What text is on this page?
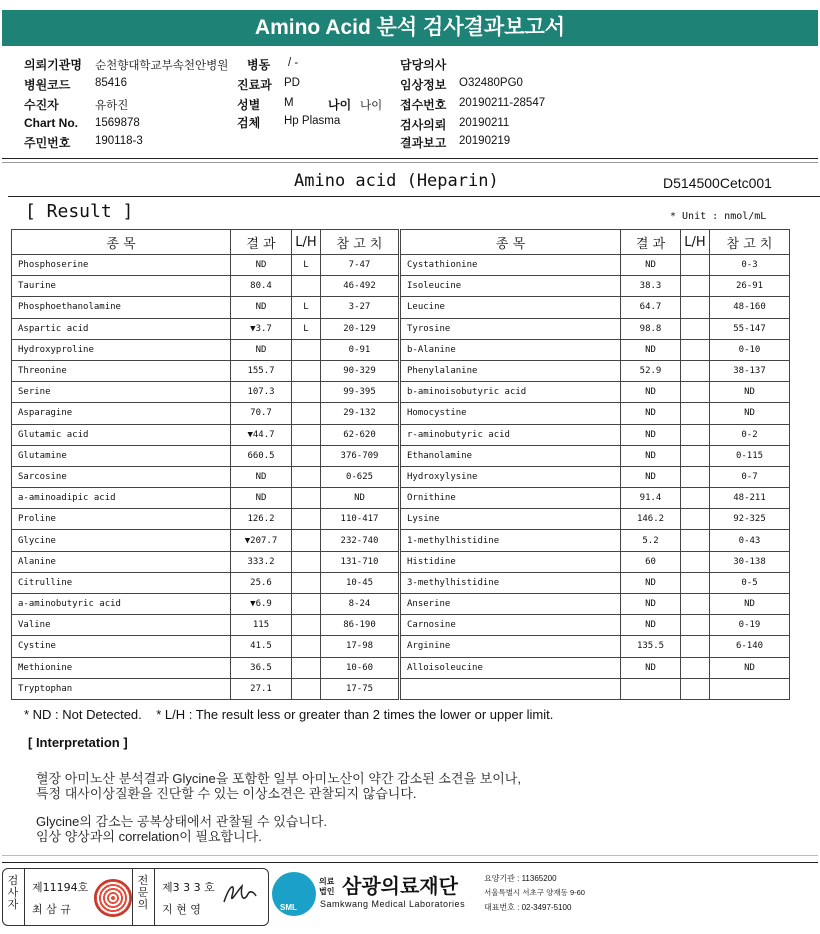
Amino Acid 분석 검사결과보고서
의뢰기관명 순천향대학교부속천안병원 병동 / -	담당의사
병원코드 85416	진료과 PD	임상정보 O32480PG0
수진자	유하진	성별 M	나이 나이 접수번호 20190211-28547
Chart No. 1569878	검체 Hp Plasma	검사의뢰 20190211
주민번호 190118-3	결과보고 20190219
Amino acid (Heparin)	D514500Cetc001
[ Result ]	* Unit : nmol/mL
종 목	결 과	L/H	참 고 치
Phosphoserine	ND	L	7-47
Taurine	80.4		46-492
Phosphoethanolamine	ND	L	3-27
Aspartic acid	▼3.7	L	20-129
Hydroxyproline	ND		0-91
Threonine	155.7		90-329
Serine	107.3		99-395
Asparagine	70.7		29-132
Glutamic acid	▼44.7		62-620
Glutamine	660.5		376-709
Sarcosine	ND		0-625
a-aminoadipic acid	ND		ND
Proline	126.2		110-417
Glycine	▼207.7		232-740
Alanine	333.2		131-710
Citrulline	25.6		10-45
a-aminobutyric acid	▼6.9		8-24
Valine	115		86-190
Cystine	41.5		17-98
Methionine	36.5		10-60
Tryptophan	27.1		17-75
종 목	결 과	L/H	참 고 치
Cystathionine	ND		0-3
Isoleucine	38.3		26-91
Leucine	64.7		48-160
Tyrosine	98.8		55-147
b-Alanine	ND		0-10
Phenylalanine	52.9		38-137
b-aminoisobutyric acid	ND		ND
Homocystine	ND		ND
r-aminobutyric acid	ND		0-2
Ethanolamine	ND		0-115
Hydroxylysine	ND		0-7
Ornithine	91.4		48-211
Lysine	146.2		92-325
1-methylhistidine	5.2		0-43
Histidine	60		30-138
3-methylhistidine	ND		0-5
Anserine	ND		ND
Carnosine	ND		0-19
Arginine	135.5		6-140
Alloisoleucine	ND		ND

* ND : Not Detected.    * L/H : The result less or greater than 2 times the lower or upper limit.
[ Interpretation ]
혈장 아미노산 분석결과 Glycine을 포함한 일부 아미노산이 약간 감소된 소견을 보이나,
특정 대사이상질환을 진단할 수 있는 이상소견은 관찰되지 않습니다.
Glycine의 감소는 공복상태에서 관찰될 수 있습니다.
임상 양상과의 correlation이 필요합니다.
검사자
제11194호
최 삼 규
전문의
제3 3 3 호
지 현 영	SML
의료
법인 삼광의료재단
Samkwang Medical Laboratories
요양기관 : 11365200
서울특별시 서초구 양재동 9-60
대표번호 : 02-3497-5100
